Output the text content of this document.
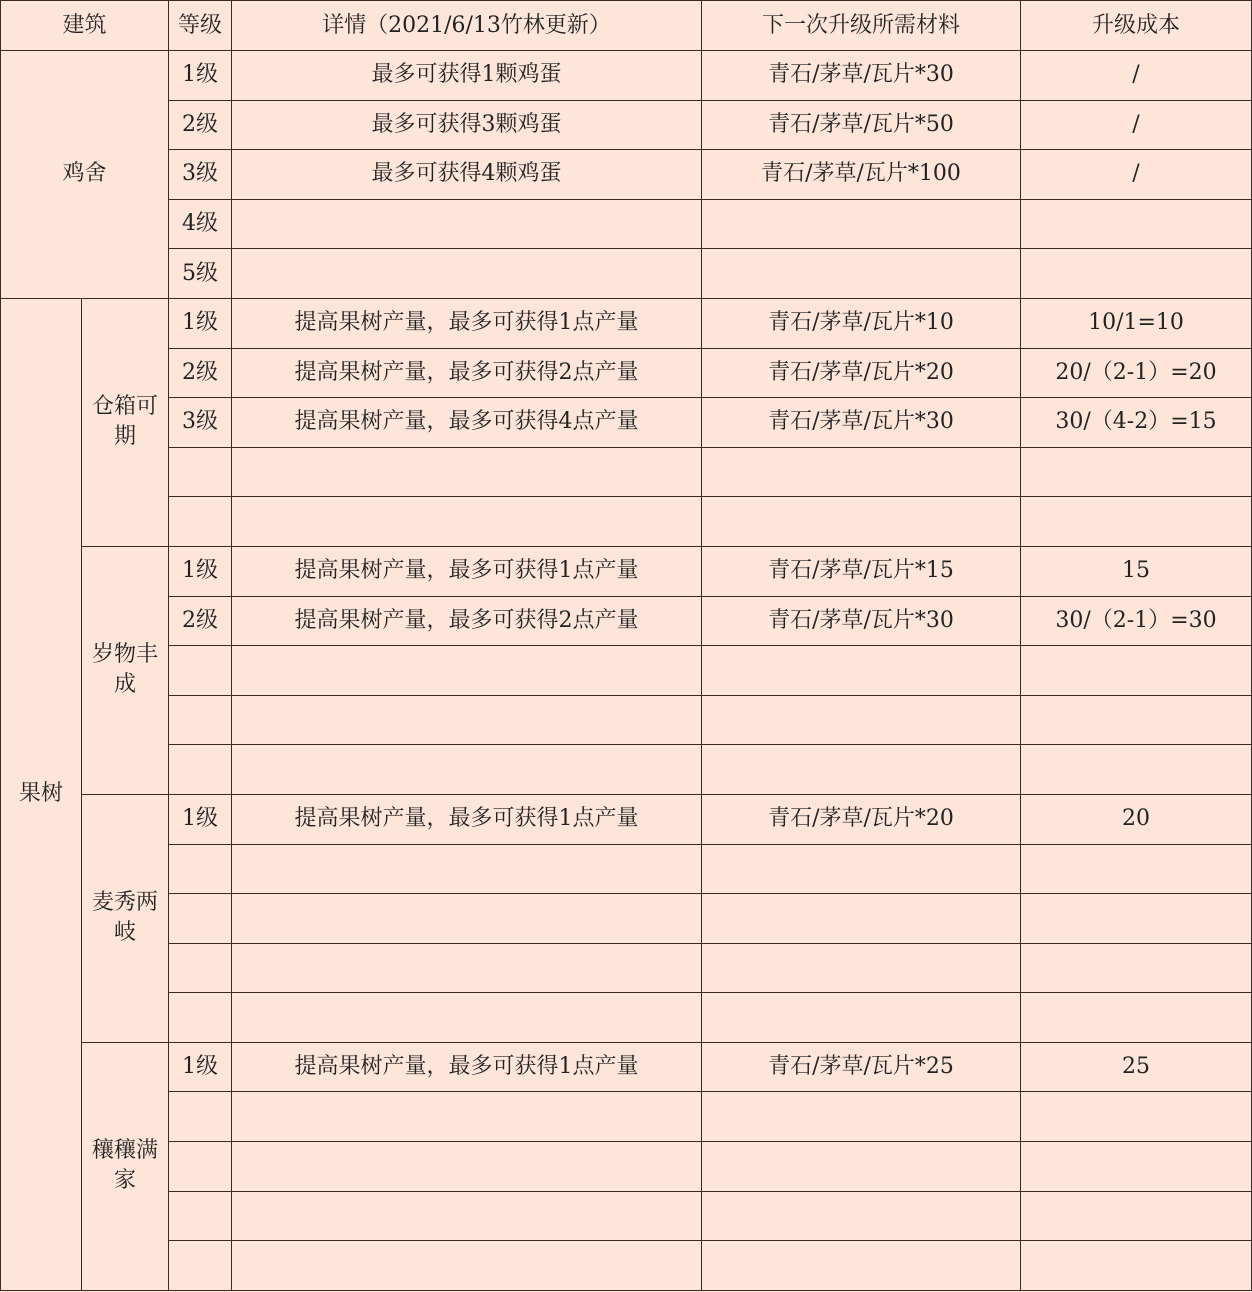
建筑		等级	详情（2021/6/13竹林更新）	下一次升级所需材料	升级成本
鸡舍		1级	最多可获得1颗鸡蛋	青石/茅草/瓦片*30	/
		2级	最多可获得3颗鸡蛋	青石/茅草/瓦片*50	/
		3级	最多可获得4颗鸡蛋	青石/茅草/瓦片*100	/
		4级			
		5级			
果树	仓箱可期	1级	提高果树产量，最多可获得1点产量	青石/茅草/瓦片*10	10/1=10
		2级	提高果树产量，最多可获得2点产量	青石/茅草/瓦片*20	20/（2-1）=20
		3级	提高果树产量，最多可获得4点产量	青石/茅草/瓦片*30	30/（4-2）=15

	岁物丰成	1级	提高果树产量，最多可获得1点产量	青石/茅草/瓦片*15	15
		2级	提高果树产量，最多可获得2点产量	青石/茅草/瓦片*30	30/（2-1）=30

	麦秀两岐	1级	提高果树产量，最多可获得1点产量	青石/茅草/瓦片*20	20

	穰穰满家	1级	提高果树产量，最多可获得1点产量	青石/茅草/瓦片*25	25
